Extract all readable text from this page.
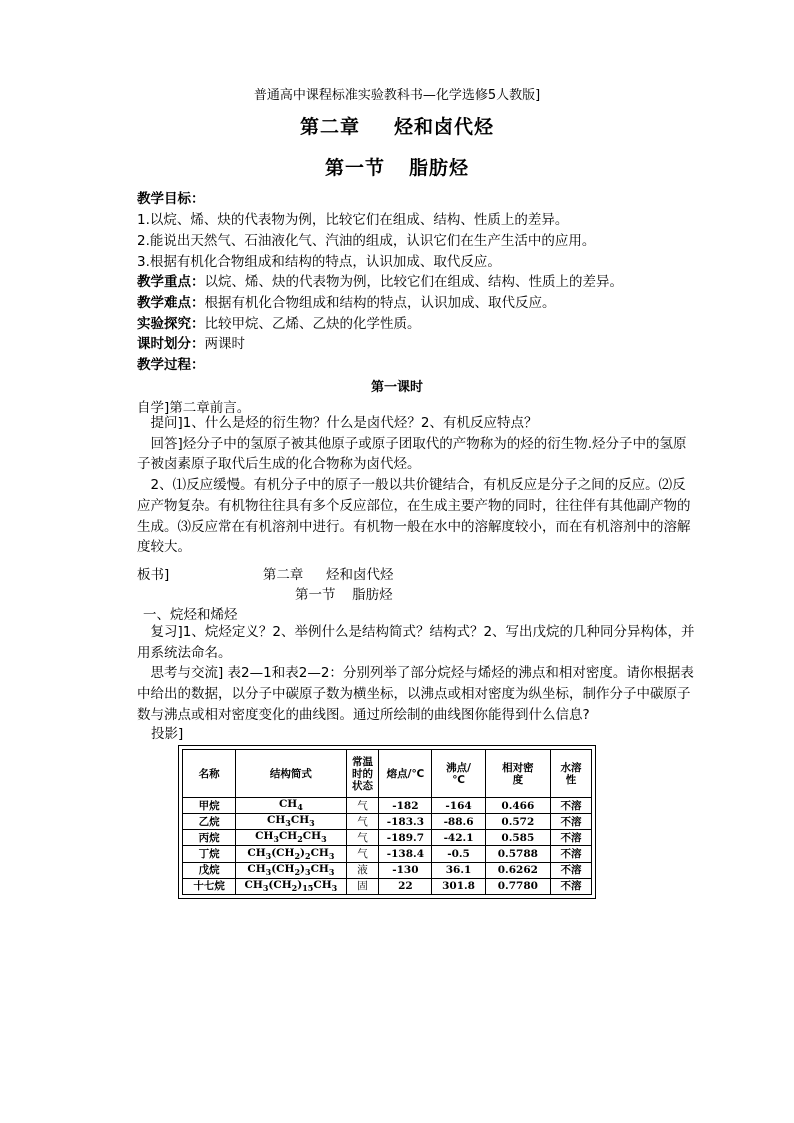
普通高中课程标准实验教科书—化学选修5人教版]
第二章 烃和卤代烃
第一节 脂肪烃
教学目标：
1.以烷、烯、炔的代表物为例，比较它们在组成、结构、性质上的差异。
2.能说出天然气、石油液化气、汽油的组成，认识它们在生产生活中的应用。
3.根据有机化合物组成和结构的特点，认识加成、取代反应。
教学重点：以烷、烯、炔的代表物为例，比较它们在组成、结构、性质上的差异。
教学难点：根据有机化合物组成和结构的特点，认识加成、取代反应。
实验探究：比较甲烷、乙烯、乙炔的化学性质。
课时划分：两课时
教学过程：
第一课时
自学]第二章前言。

提问]1、什么是烃的衍生物？什么是卤代烃？2、有机反应特点？

回答]烃分子中的氢原子被其他原子或原子团取代的产物称为的烃的衍生物.烃分子中的氢原子被卤素原子取代后生成的化合物称为卤代烃。

2、⑴反应缓慢。有机分子中的原子一般以共价键结合，有机反应是分子之间的反应。⑵反应产物复杂。有机物往往具有多个反应部位，在生成主要产物的同时，往往伴有其他副产物的生成。⑶反应常在有机溶剂中进行。有机物一般在水中的溶解度较小，而在有机溶剂中的溶解度较大。

板书]	第二章 烃和卤代烃
第一节 脂肪烃
一、烷烃和烯烃

复习]1、烷烃定义？2、举例什么是结构简式？结构式？2、写出戊烷的几种同分异构体，并用系统法命名。

思考与交流] 表2—1和表2—2：分别列举了部分烷烃与烯烃的沸点和相对密度。请你根据表中给出的数据，以分子中碳原子数为横坐标，以沸点或相对密度为纵坐标，制作分子中碳原子数与沸点或相对密度变化的曲线图。通过所绘制的曲线图你能得到什么信息?

投影]
名称	结构简式	常温时的状态	熔点/℃	沸点/℃	相对密度	水溶性
甲烷	$CH_4$	气	-182	-164	0.466	不溶
乙烷	$CH_3CH_3$	气	-183.3	-88.6	0.572	不溶
丙烷	$CH_3CH_2CH_3$	气	-189.7	-42.1	0.585	不溶
丁烷	$CH_3(CH_2)_2CH_3$	气	-138.4	-0.5	0.5788	不溶
戊烷	$CH_3(CH_2)_3CH_3$	液	-130	36.1	0.6262	不溶
十七烷	$CH_3(CH_2)_{15}CH_3$	固	22	301.8	0.7780	不溶
